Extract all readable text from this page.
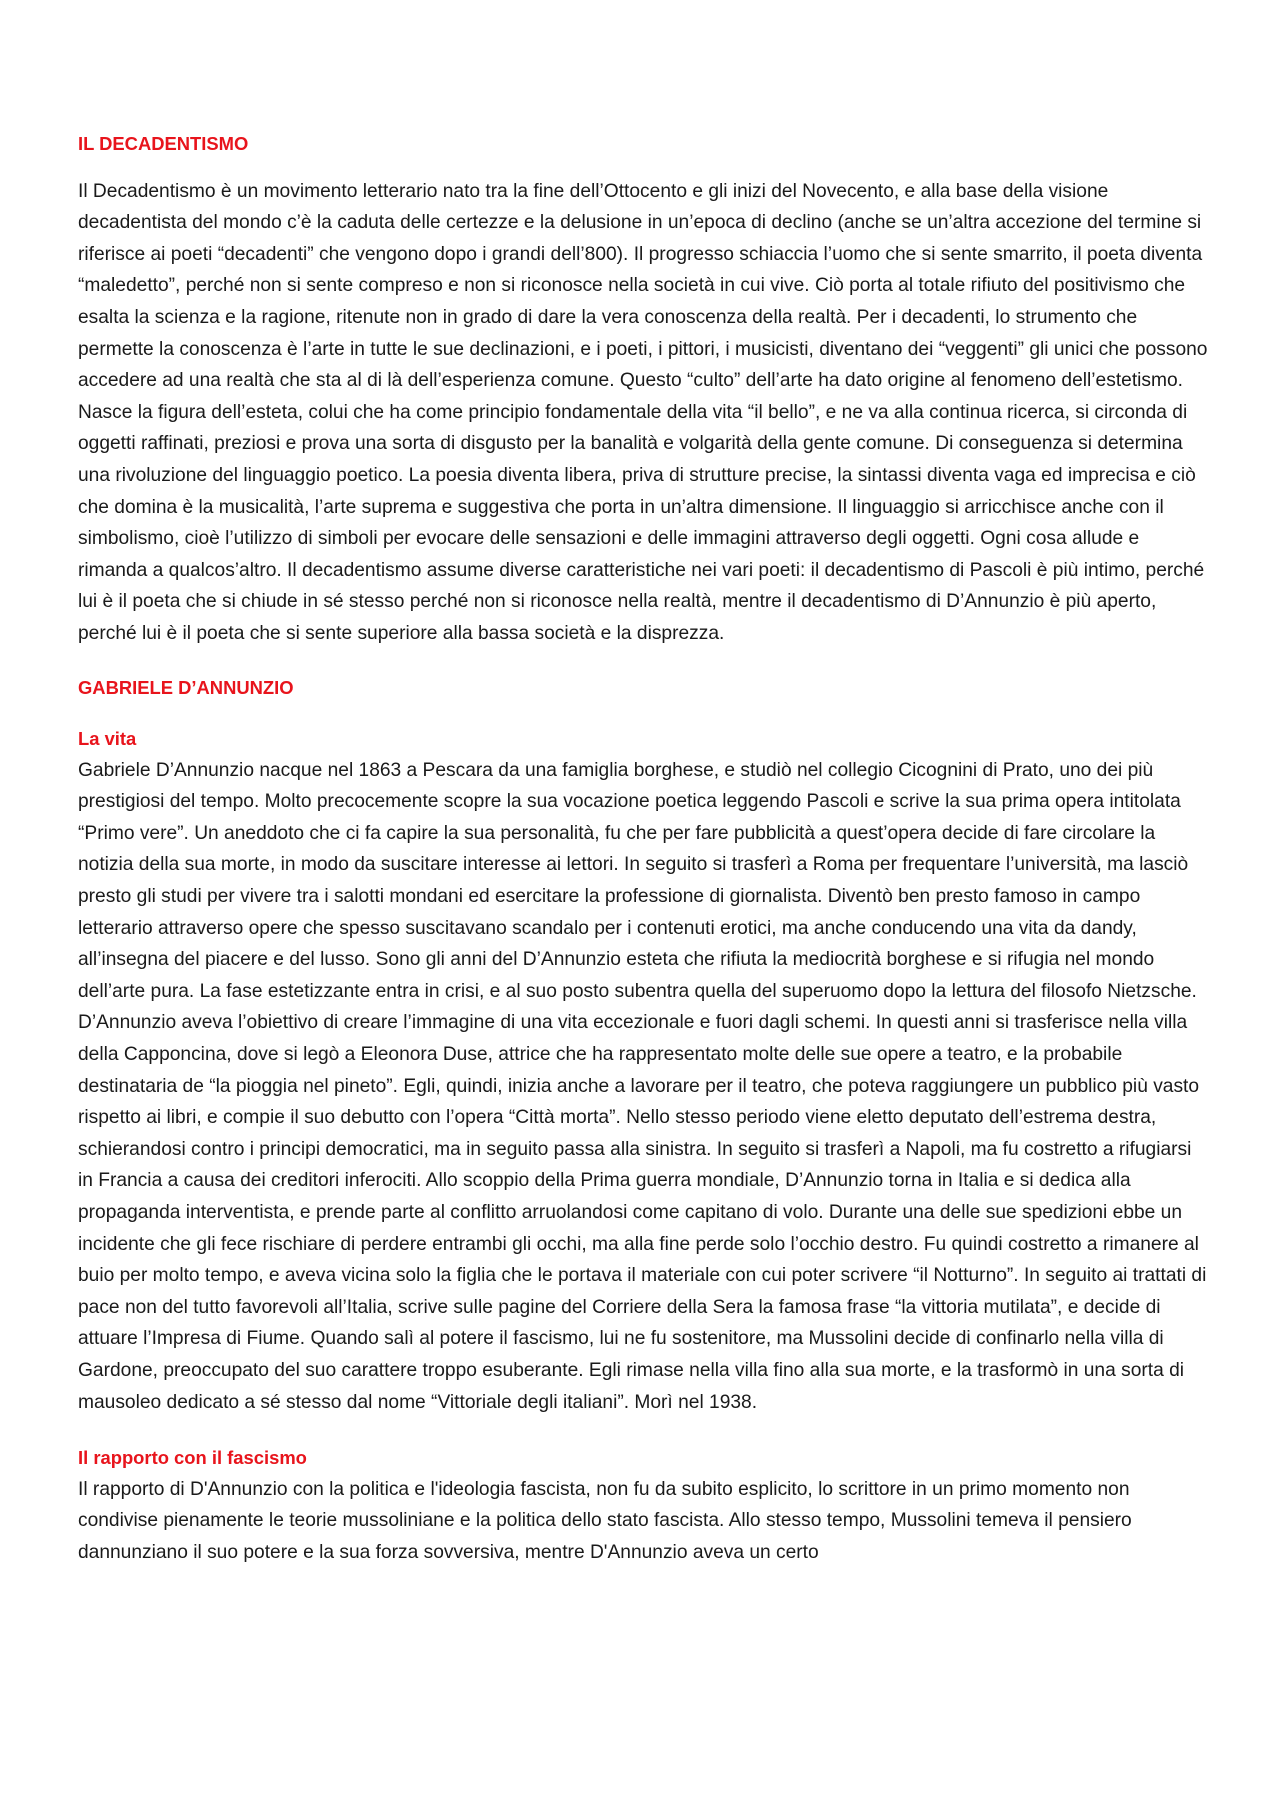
IL DECADENTISMO

Il Decadentismo è un movimento letterario nato tra la fine dell’Ottocento e gli inizi del Novecento, e alla base della visione decadentista del mondo c’è la caduta delle certezze e la delusione in un’epoca di declino (anche se un’altra accezione del termine si riferisce ai poeti “decadenti” che vengono dopo i grandi dell’800). Il progresso schiaccia l’uomo che si sente smarrito, il poeta diventa “maledetto”, perché non si sente compreso e non si riconosce nella società in cui vive. Ciò porta al totale rifiuto del positivismo che esalta la scienza e la ragione, ritenute non in grado di dare la vera conoscenza della realtà. Per i decadenti, lo strumento che permette la conoscenza è l’arte in tutte le sue declinazioni, e i poeti, i pittori, i musicisti, diventano dei “veggenti” gli unici che possono accedere ad una realtà che sta al di là dell’esperienza comune. Questo “culto” dell’arte ha dato origine al fenomeno dell’estetismo. Nasce la figura dell’esteta, colui che ha come principio fondamentale della vita “il bello”, e ne va alla continua ricerca, si circonda di oggetti raffinati, preziosi e prova una sorta di disgusto per la banalità e volgarità della gente comune. Di conseguenza si determina una rivoluzione del linguaggio poetico. La poesia diventa libera, priva di strutture precise, la sintassi diventa vaga ed imprecisa e ciò che domina è la musicalità, l’arte suprema e suggestiva che porta in un’altra dimensione. Il linguaggio si arricchisce anche con il simbolismo, cioè l’utilizzo di simboli per evocare delle sensazioni e delle immagini attraverso degli oggetti. Ogni cosa allude e rimanda a qualcos’altro. Il decadentismo assume diverse caratteristiche nei vari poeti: il decadentismo di Pascoli è più intimo, perché lui è il poeta che si chiude in sé stesso perché non si riconosce nella realtà, mentre il decadentismo di D’Annunzio è più aperto, perché lui è il poeta che si sente superiore alla bassa società e la disprezza.

GABRIELE D’ANNUNZIO
La vita

Gabriele D’Annunzio nacque nel 1863 a Pescara da una famiglia borghese, e studiò nel collegio Cicognini di Prato, uno dei più prestigiosi del tempo. Molto precocemente scopre la sua vocazione poetica leggendo Pascoli e scrive la sua prima opera intitolata “Primo vere”. Un aneddoto che ci fa capire la sua personalità, fu che per fare pubblicità a quest’opera decide di fare circolare la notizia della sua morte, in modo da suscitare interesse ai lettori. In seguito si trasferì a Roma per frequentare l’università, ma lasciò presto gli studi per vivere tra i salotti mondani ed esercitare la professione di giornalista. Diventò ben presto famoso in campo letterario attraverso opere che spesso suscitavano scandalo per i contenuti erotici, ma anche conducendo una vita da dandy, all’insegna del piacere e del lusso. Sono gli anni del D’Annunzio esteta che rifiuta la mediocrità borghese e si rifugia nel mondo dell’arte pura. La fase estetizzante entra in crisi, e al suo posto subentra quella del superuomo dopo la lettura del filosofo Nietzsche. D’Annunzio aveva l’obiettivo di creare l’immagine di una vita eccezionale e fuori dagli schemi. In questi anni si trasferisce nella villa della Capponcina, dove si legò a Eleonora Duse, attrice che ha rappresentato molte delle sue opere a teatro, e la probabile destinataria de “la pioggia nel pineto”. Egli, quindi, inizia anche a lavorare per il teatro, che poteva raggiungere un pubblico più vasto rispetto ai libri, e compie il suo debutto con l’opera “Città morta”. Nello stesso periodo viene eletto deputato dell’estrema destra, schierandosi contro i principi democratici, ma in seguito passa alla sinistra. In seguito si trasferì a Napoli, ma fu costretto a rifugiarsi in Francia a causa dei creditori inferociti. Allo scoppio della Prima guerra mondiale, D’Annunzio torna in Italia e si dedica alla propaganda interventista, e prende parte al conflitto arruolandosi come capitano di volo. Durante una delle sue spedizioni ebbe un incidente che gli fece rischiare di perdere entrambi gli occhi, ma alla fine perde solo l’occhio destro. Fu quindi costretto a rimanere al buio per molto tempo, e aveva vicina solo la figlia che le portava il materiale con cui poter scrivere “il Notturno”. In seguito ai trattati di pace non del tutto favorevoli all’Italia, scrive sulle pagine del Corriere della Sera la famosa frase “la vittoria mutilata”, e decide di attuare l’Impresa di Fiume. Quando salì al potere il fascismo, lui ne fu sostenitore, ma Mussolini decide di confinarlo nella villa di Gardone, preoccupato del suo carattere troppo esuberante. Egli rimase nella villa fino alla sua morte, e la trasformò in una sorta di mausoleo dedicato a sé stesso dal nome “Vittoriale degli italiani”. Morì nel 1938.

Il rapporto con il fascismo

Il rapporto di D'Annunzio con la politica e l'ideologia fascista, non fu da subito esplicito, lo scrittore in un primo momento non condivise pienamente le teorie mussoliniane e la politica dello stato fascista. Allo stesso tempo, Mussolini temeva il pensiero dannunziano il suo potere e la sua forza sovversiva, mentre D'Annunzio aveva un certo
